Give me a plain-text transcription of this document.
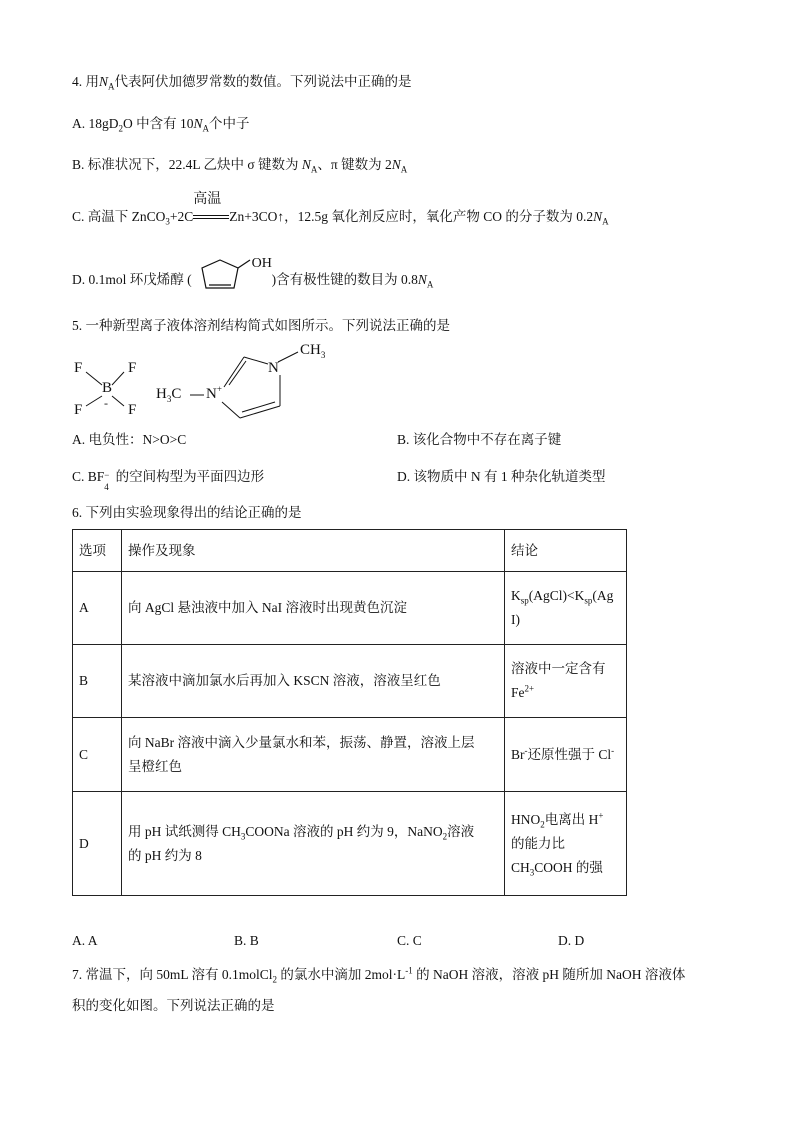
4. 用$N_A$代表阿伏加德罗常数的数值。下列说法中正确的是
A. $18gD_2O$ 中含有 $10N_A$个中子
B. 标准状况下，22.4L 乙炔中 σ 键数为 $N_A$、π 键数为 $2N_A$
C. 高温下 ZnCO$_3$+2C
高温
Zn+3CO↑，12.5g 氧化剂反应时，氧化产物 CO 的分子数为 $0.2N_A$
D. 0.1mol 环戊烯醇 (
OH
)含有极性键的数目为 $0.8N_A$
5. 一种新型离子液体溶剂结构简式如图所示。下列说法正确的是
F	F
B
-
F	F
$H_3C$ N+
N
$CH_3$
A. 电负性：N>O>C	B. 该化合物中不存在离子键
C. BF −
4
的空间构型为平面四边形	D. 该物质中 N 有 1 种杂化轨道类型
6. 下列由实验现象得出的结论正确的是
选项	操作及现象	结论
A	向 AgCl 悬浊液中加入 NaI 溶液时出现黄色沉淀	$K_{sp}(AgCl)<K_{sp}(Ag$
I)
B	某溶液中滴加氯水后再加入 KSCN 溶液，溶液呈红色	溶液中一定含有
$Fe^{2+}$
C	向 NaBr 溶液中滴入少量氯水和苯，振荡、静置，溶液上层
呈橙红色	Br-还原性强于 Cl-
D	用 pH 试纸测得 $CH_3COONa$ 溶液的 pH 约为 9，NaNO$_2$溶液
的 pH 约为 8	$HNO_2$电离出 H+
的能力比
$CH_3COOH$ 的强
A. A	B. B	C. C	D. D
7. 常温下，向 50mL 溶有 0.1molCl$_2$ 的氯水中滴加 $2mol\cdot L^{-1}$ 的 NaOH 溶液，溶液 pH 随所加 NaOH 溶液体
积的变化如图。下列说法正确的是
